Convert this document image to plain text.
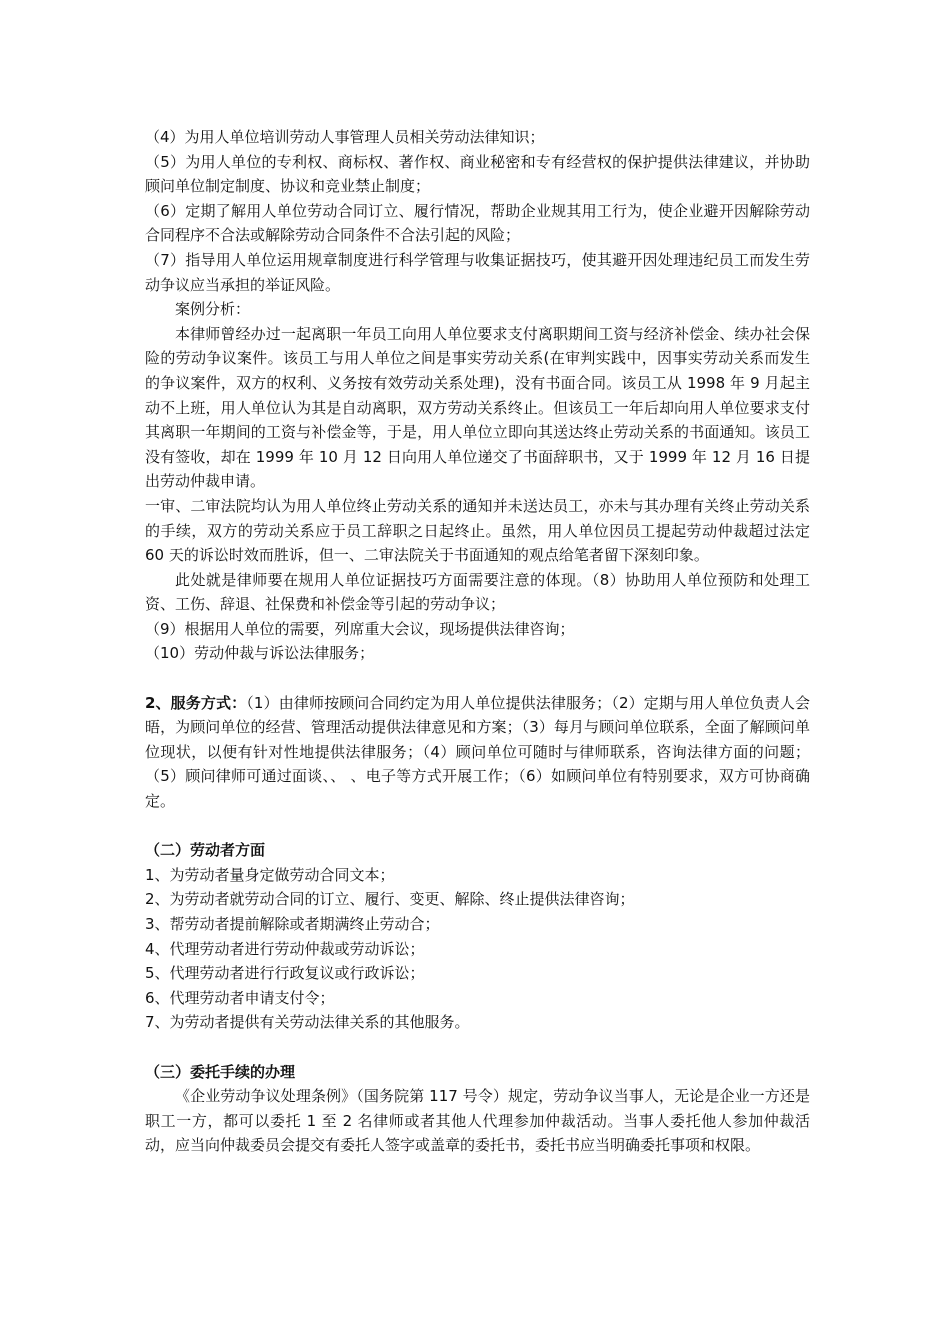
（4）为用人单位培训劳动人事管理人员相关劳动法律知识；

（5）为用人单位的专利权、商标权、著作权、商业秘密和专有经营权的保护提供法律建议，并协助顾问单位制定制度、协议和竞业禁止制度；

（6）定期了解用人单位劳动合同订立、履行情况，帮助企业规其用工行为，使企业避开因解除劳动合同程序不合法或解除劳动合同条件不合法引起的风险；

（7）指导用人单位运用规章制度进行科学管理与收集证据技巧，使其避开因处理违纪员工而发生劳动争议应当承担的举证风险。

案例分析：

本律师曾经办过一起离职一年员工向用人单位要求支付离职期间工资与经济补偿金、续办社会保险的劳动争议案件。该员工与用人单位之间是事实劳动关系(在审判实践中，因事实劳动关系而发生的争议案件，双方的权利、义务按有效劳动关系处理)，没有书面合同。该员工从 1998 年 9 月起主动不上班，用人单位认为其是自动离职，双方劳动关系终止。但该员工一年后却向用人单位要求支付其离职一年期间的工资与补偿金等，于是，用人单位立即向其送达终止劳动关系的书面通知。该员工没有签收，却在 1999 年 10 月 12 日向用人单位递交了书面辞职书，又于 1999 年 12 月 16 日提出劳动仲裁申请。

一审、二审法院均认为用人单位终止劳动关系的通知并未送达员工，亦未与其办理有关终止劳动关系的手续，双方的劳动关系应于员工辞职之日起终止。虽然，用人单位因员工提起劳动仲裁超过法定 60 天的诉讼时效而胜诉，但一、二审法院关于书面通知的观点给笔者留下深刻印象。

此处就是律师要在规用人单位证据技巧方面需要注意的体现。（8）协助用人单位预防和处理工资、工伤、辞退、社保费和补偿金等引起的劳动争议；

（9）根据用人单位的需要，列席重大会议，现场提供法律咨询；

（10）劳动仲裁与诉讼法律服务；

2、服务方式：（1）由律师按顾问合同约定为用人单位提供法律服务；（2）定期与用人单位负责人会晤，为顾问单位的经营、管理活动提供法律意见和方案；（3）每月与顾问单位联系，全面了解顾问单位现状，以便有针对性地提供法律服务；（4）顾问单位可随时与律师联系，咨询法律方面的问题；（5）顾问律师可通过面谈、、 、电子等方式开展工作；（6）如顾问单位有特别要求，双方可协商确定。

（二）劳动者方面

1、为劳动者量身定做劳动合同文本；

2、为劳动者就劳动合同的订立、履行、变更、解除、终止提供法律咨询；

3、帮劳动者提前解除或者期满终止劳动合；

4、代理劳动者进行劳动仲裁或劳动诉讼；

5、代理劳动者进行行政复议或行政诉讼；

6、代理劳动者申请支付令；

7、为劳动者提供有关劳动法律关系的其他服务。

（三）委托手续的办理

《企业劳动争议处理条例》（国务院第 117 号令）规定，劳动争议当事人，无论是企业一方还是职工一方，都可以委托 1 至 2 名律师或者其他人代理参加仲裁活动。当事人委托他人参加仲裁活动，应当向仲裁委员会提交有委托人签字或盖章的委托书，委托书应当明确委托事项和权限。
